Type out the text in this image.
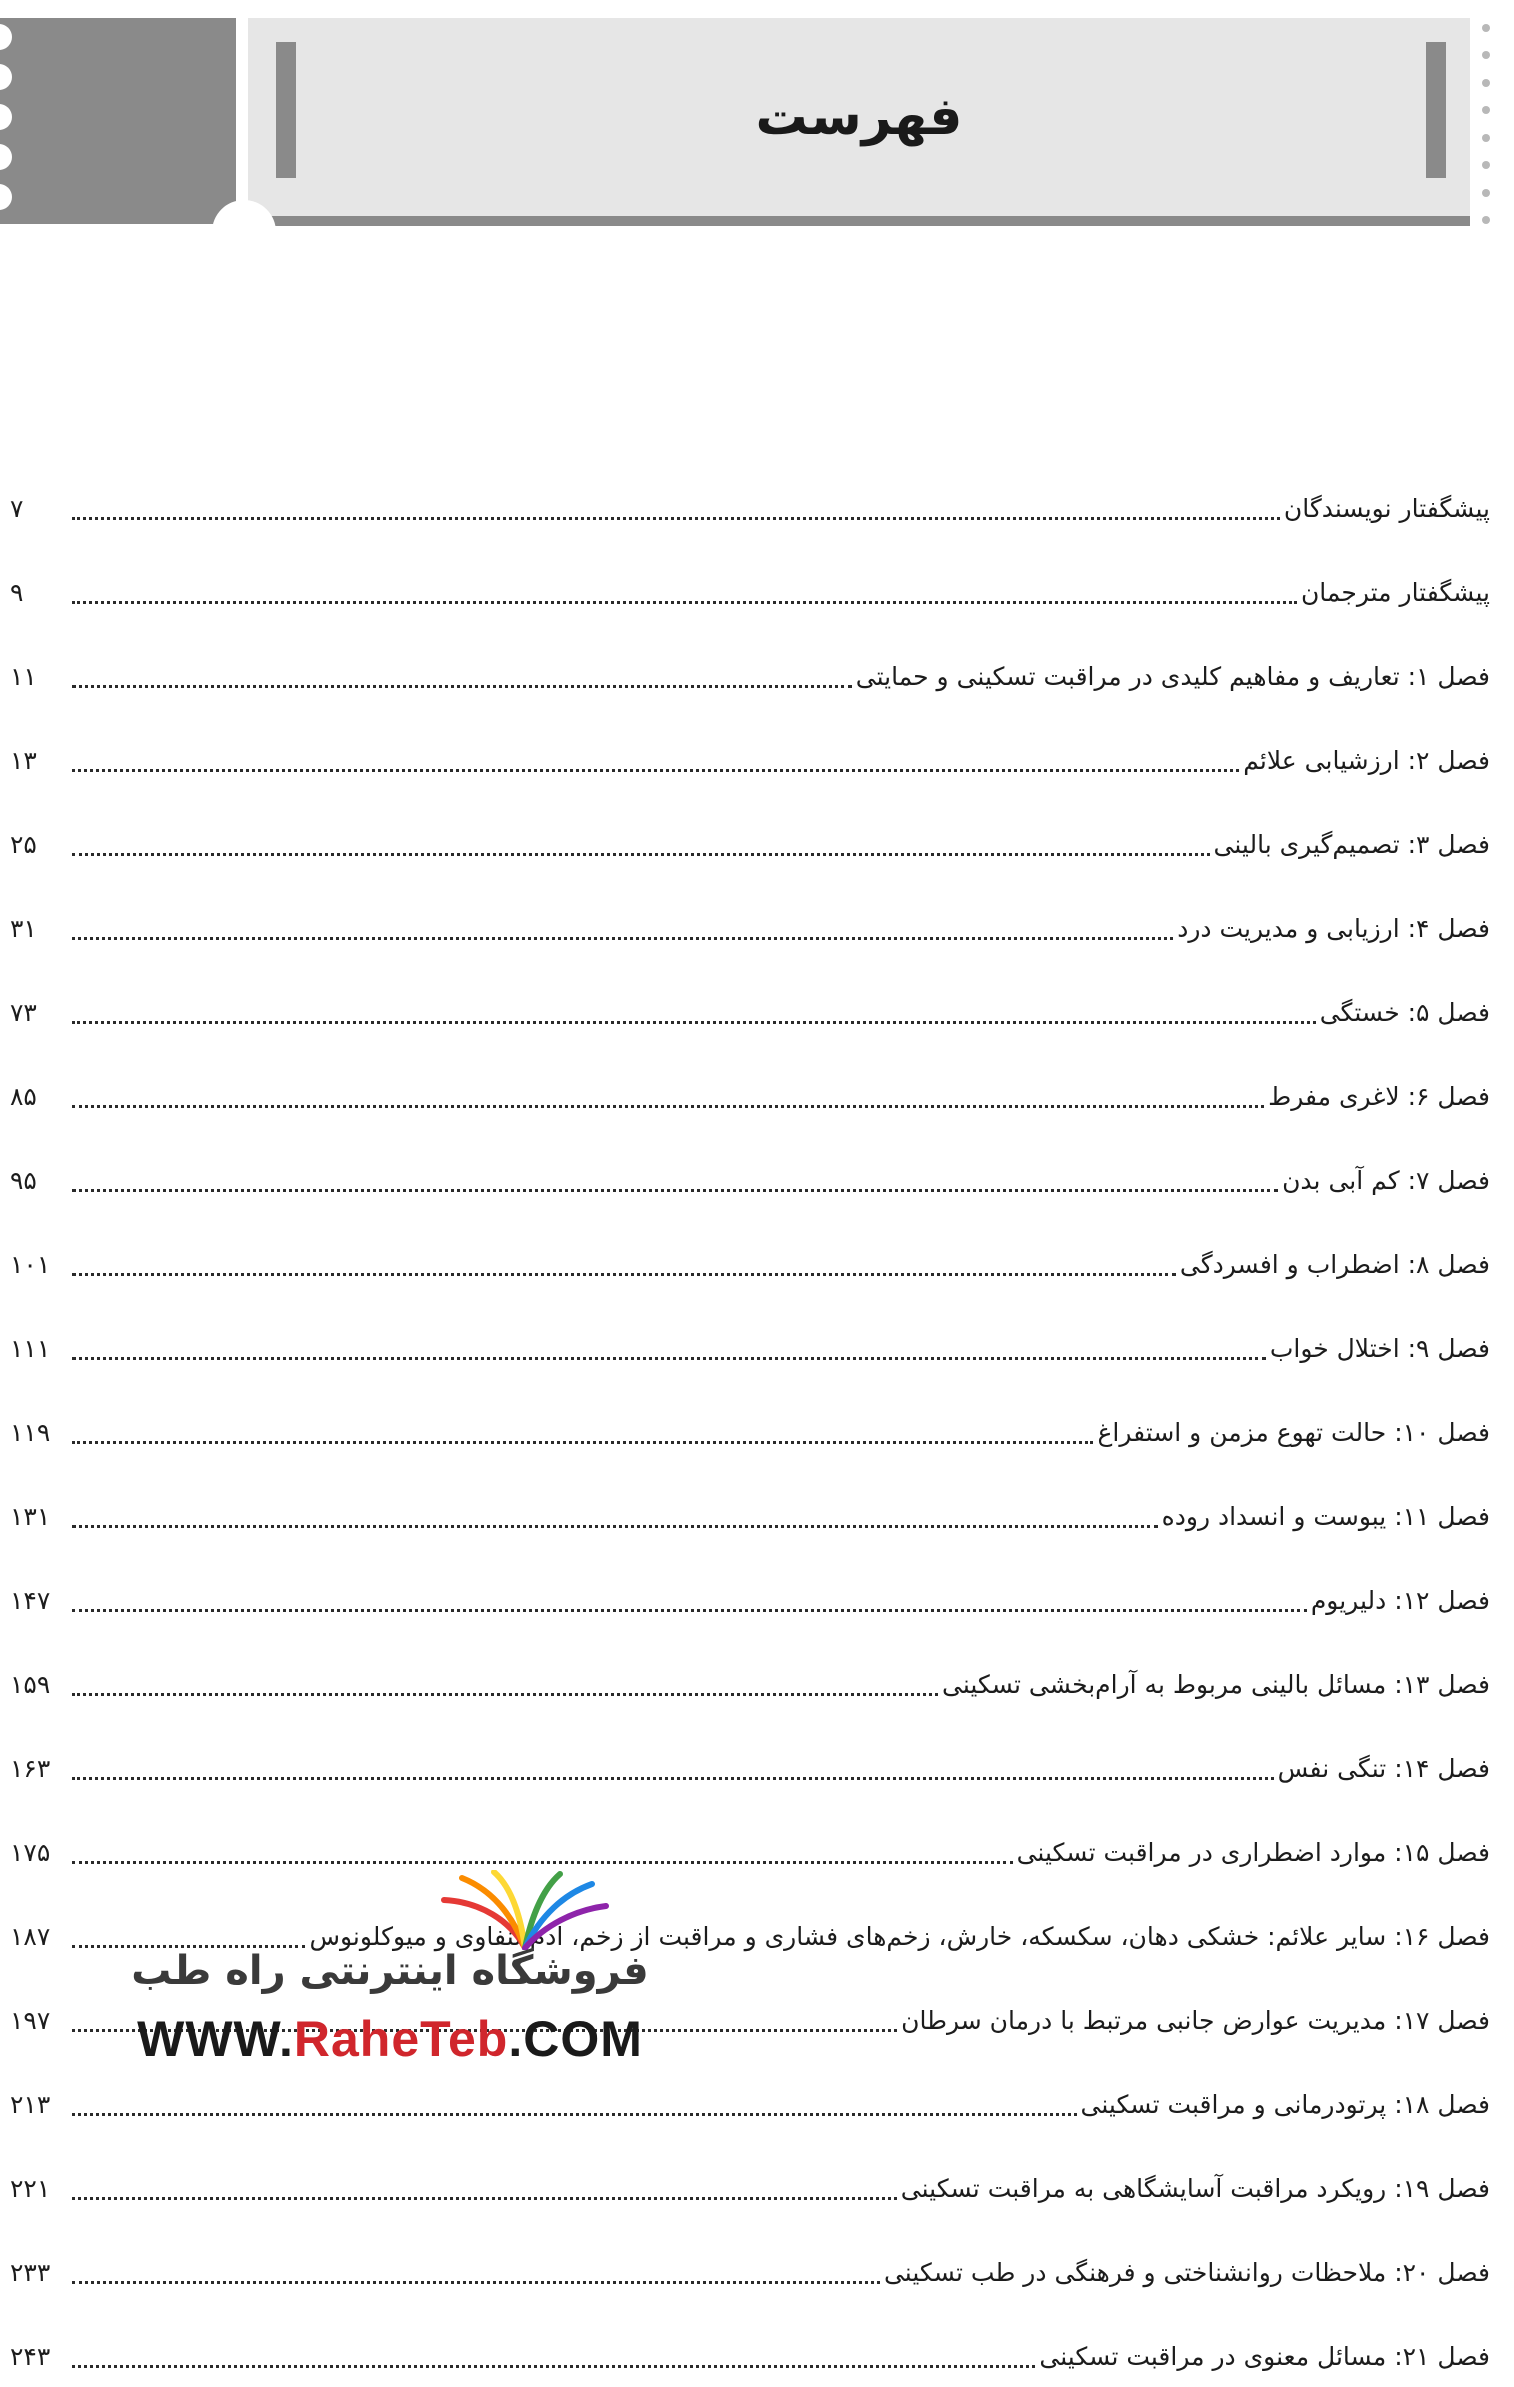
فهرست
پیشگفتار نویسندگان
۷
پیشگفتار مترجمان
۹
فصل ۱: تعاریف و مفاهیم کلیدی در مراقبت تسکینی و حمایتی
۱۱
فصل ۲: ارزشیابی علائم
۱۳
فصل ۳: تصمیم‌گیری بالینی
۲۵
فصل ۴: ارزیابی و مدیریت درد
۳۱
فصل ۵: خستگی
۷۳
فصل ۶: لاغری مفرط
۸۵
فصل ۷: کم آبی بدن
۹۵
فصل ۸: اضطراب و افسردگی
۱۰۱
فصل ۹: اختلال خواب
۱۱۱
فصل ۱۰: حالت تهوع مزمن و استفراغ
۱۱۹
فصل ۱۱: یبوست و انسداد روده
۱۳۱
فصل ۱۲: دلیریوم
۱۴۷
فصل ۱۳: مسائل بالینی مربوط به آرام‌بخشی تسکینی
۱۵۹
فصل ۱۴: تنگی نفس
۱۶۳
فصل ۱۵: موارد اضطراری در مراقبت تسکینی
۱۷۵
فصل ۱۶: سایر علائم: خشکی دهان، سکسکه، خارش، زخم‌های فشاری و مراقبت از زخم، ادم لنفاوی و میوکلونوس
۱۸۷
فصل ۱۷: مدیریت عوارض جانبی مرتبط با درمان سرطان
۱۹۷
فصل ۱۸: پرتودرمانی و مراقبت تسکینی
۲۱۳
فصل ۱۹: رویکرد مراقبت آسایشگاهی به مراقبت تسکینی
۲۲۱
فصل ۲۰: ملاحظات روانشناختی و فرهنگی در طب تسکینی
۲۳۳
فصل ۲۱: مسائل معنوی در مراقبت تسکینی
۲۴۳
فروشگاه اینترنتی راه طب
WWW.RaheTeb.COM
